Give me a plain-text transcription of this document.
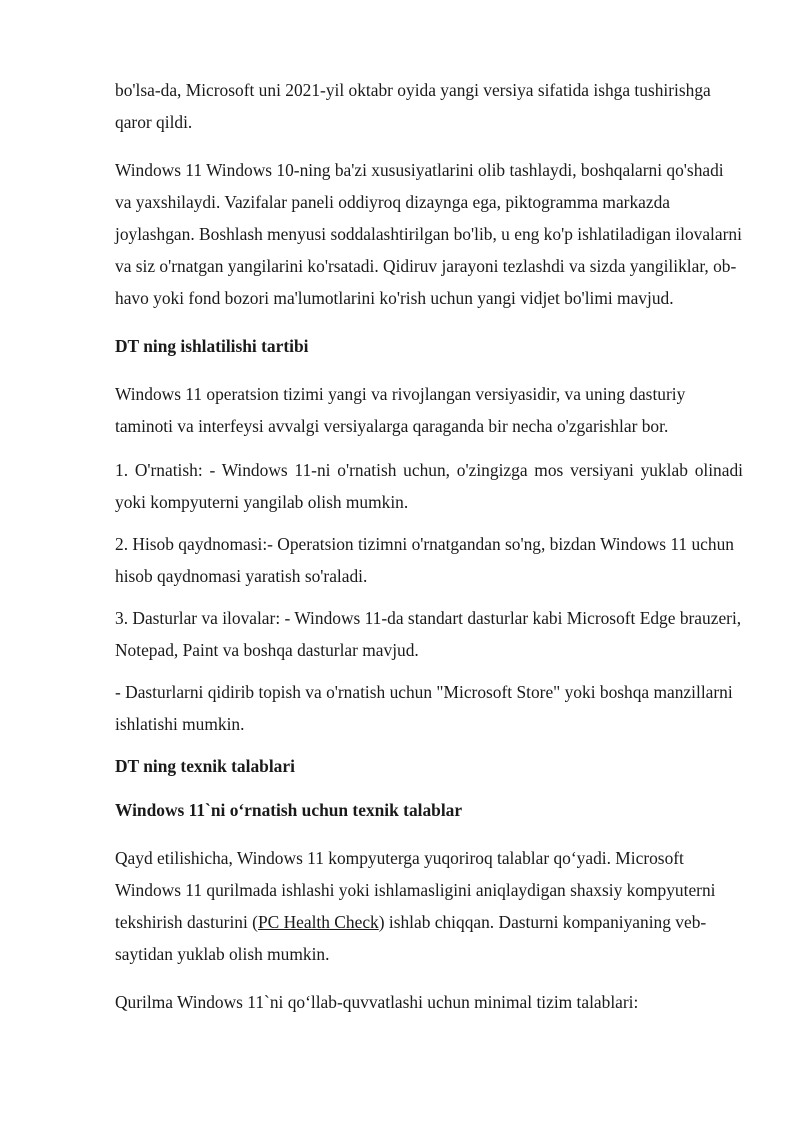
bo'lsa-da, Microsoft uni 2021-yil oktabr oyida yangi versiya sifatida ishga tushirishga qaror qildi.

Windows 11 Windows 10-ning ba'zi xususiyatlarini olib tashlaydi, boshqalarni qo'shadi va yaxshilaydi. Vazifalar paneli oddiyroq dizaynga ega, piktogramma markazda joylashgan. Boshlash menyusi soddalashtirilgan bo'lib, u eng ko'p ishlatiladigan ilovalarni va siz o'rnatgan yangilarini ko'rsatadi. Qidiruv jarayoni tezlashdi va sizda yangiliklar, ob-havo yoki fond bozori ma'lumotlarini ko'rish uchun yangi vidjet bo'limi mavjud.

DT ning ishlatilishi tartibi

Windows 11 operatsion tizimi yangi va rivojlangan versiyasidir, va uning dasturiy taminoti va interfeysi avvalgi versiyalarga qaraganda bir necha o'zgarishlar bor.

1. O'rnatish: - Windows 11-ni o'rnatish uchun, o'zingizga mos versiyani yuklab olinadi yoki kompyuterni yangilab olish mumkin.

2. Hisob qaydnomasi:- Operatsion tizimni o'rnatgandan so'ng, bizdan Windows 11 uchun hisob qaydnomasi yaratish so'raladi.

3. Dasturlar va ilovalar: - Windows 11-da standart dasturlar kabi Microsoft Edge brauzeri, Notepad, Paint va boshqa dasturlar mavjud.

- Dasturlarni qidirib topish va o'rnatish uchun "Microsoft Store" yoki boshqa manzillarni ishlatishi mumkin.

DT ning texnik talablari

Windows 11`ni o‘rnatish uchun texnik talablar

Qayd etilishicha, Windows 11 kompyuterga yuqoriroq talablar qo‘yadi. Microsoft Windows 11 qurilmada ishlashi yoki ishlamasligini aniqlaydigan shaxsiy kompyuterni tekshirish dasturini (PC Health Check) ishlab chiqqan. Dasturni kompaniyaning veb-saytidan yuklab olish mumkin.

Qurilma Windows 11`ni qo‘llab-quvvatlashi uchun minimal tizim talablari:
